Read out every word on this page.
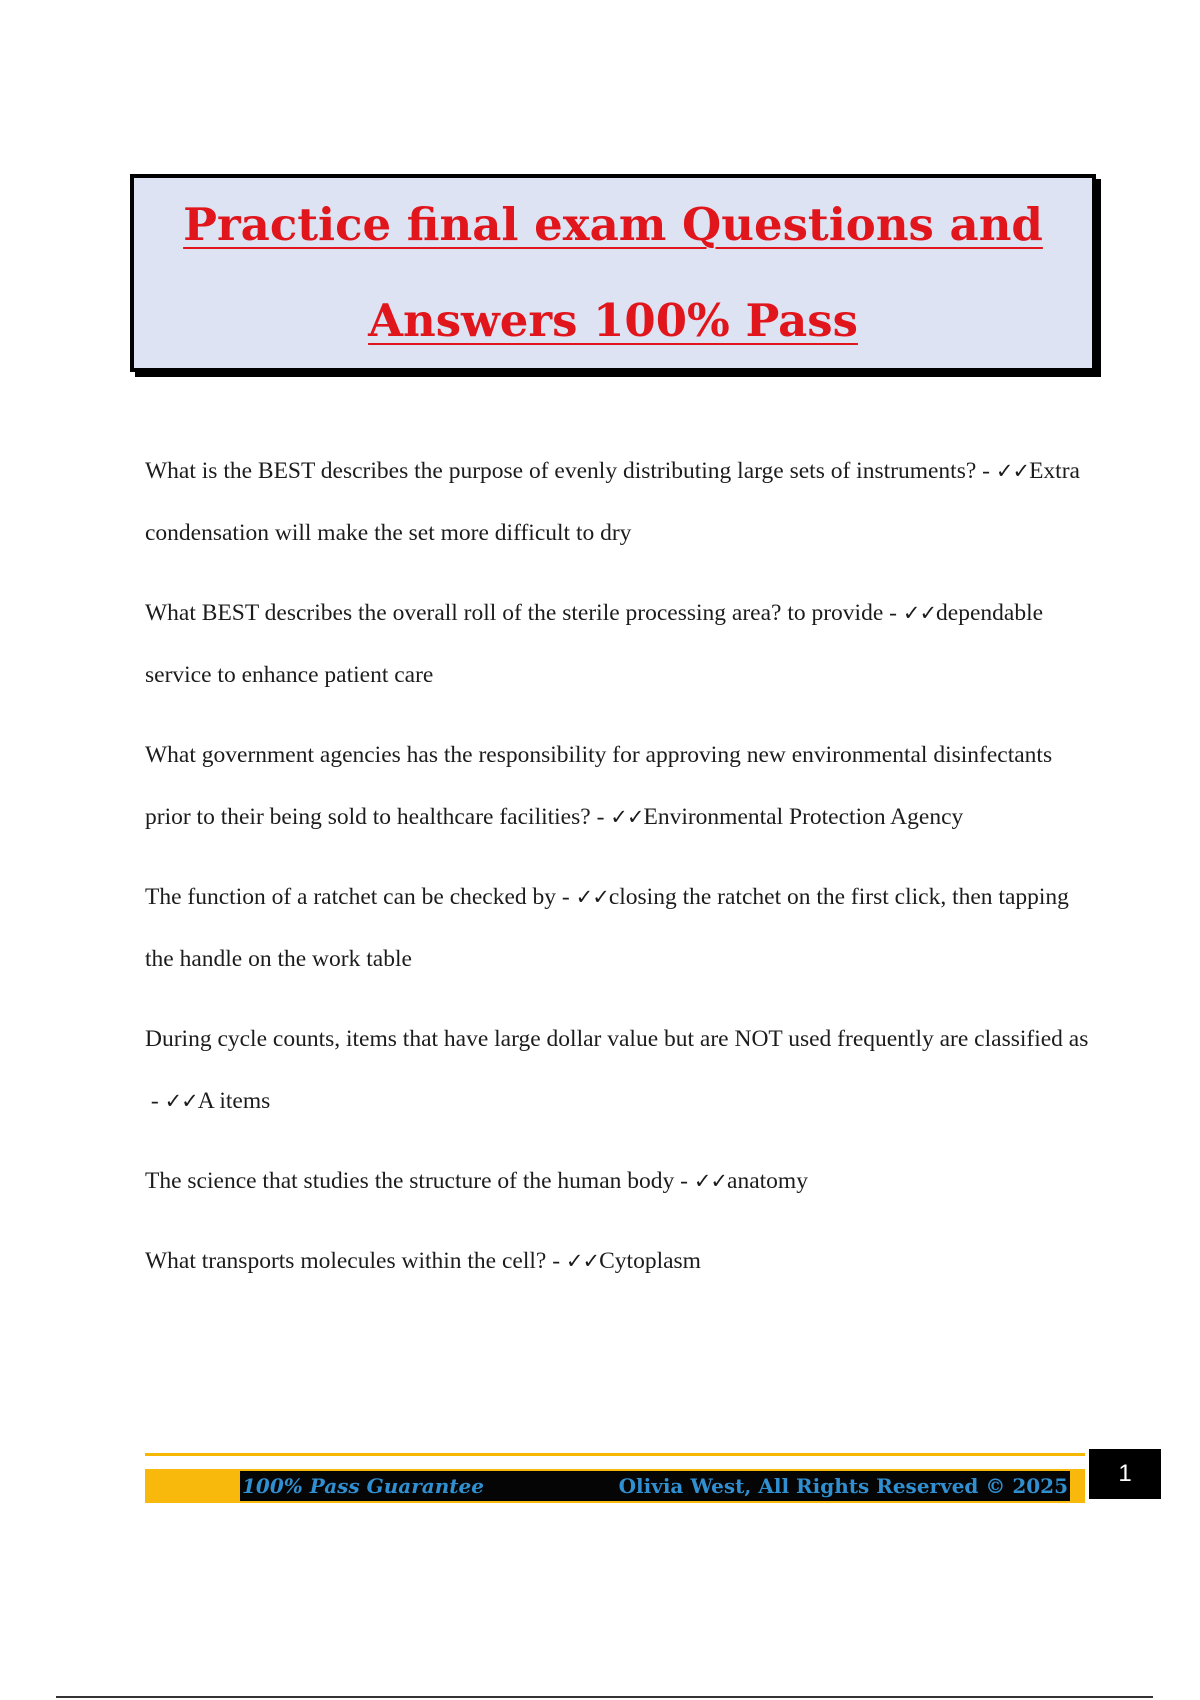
Practice final exam Questions and
Answers 100% Pass

What is the BEST describes the purpose of evenly distributing large sets of instruments? - ✓✓Extra condensation will make the set more difficult to dry

What BEST describes the overall roll of the sterile processing area? to provide - ✓✓dependable service to enhance patient care

What government agencies has the responsibility for approving new environmental disinfectants prior to their being sold to healthcare facilities? - ✓✓Environmental Protection Agency

The function of a ratchet can be checked by - ✓✓closing the ratchet on the first click, then tapping the handle on the work table

During cycle counts, items that have large dollar value but are NOT used frequently are classified as - ✓✓A items

The science that studies the structure of the human body - ✓✓anatomy

What transports molecules within the cell? - ✓✓Cytoplasm

100% Pass Guarantee	Olivia West, All Rights Reserved © 2025	1
